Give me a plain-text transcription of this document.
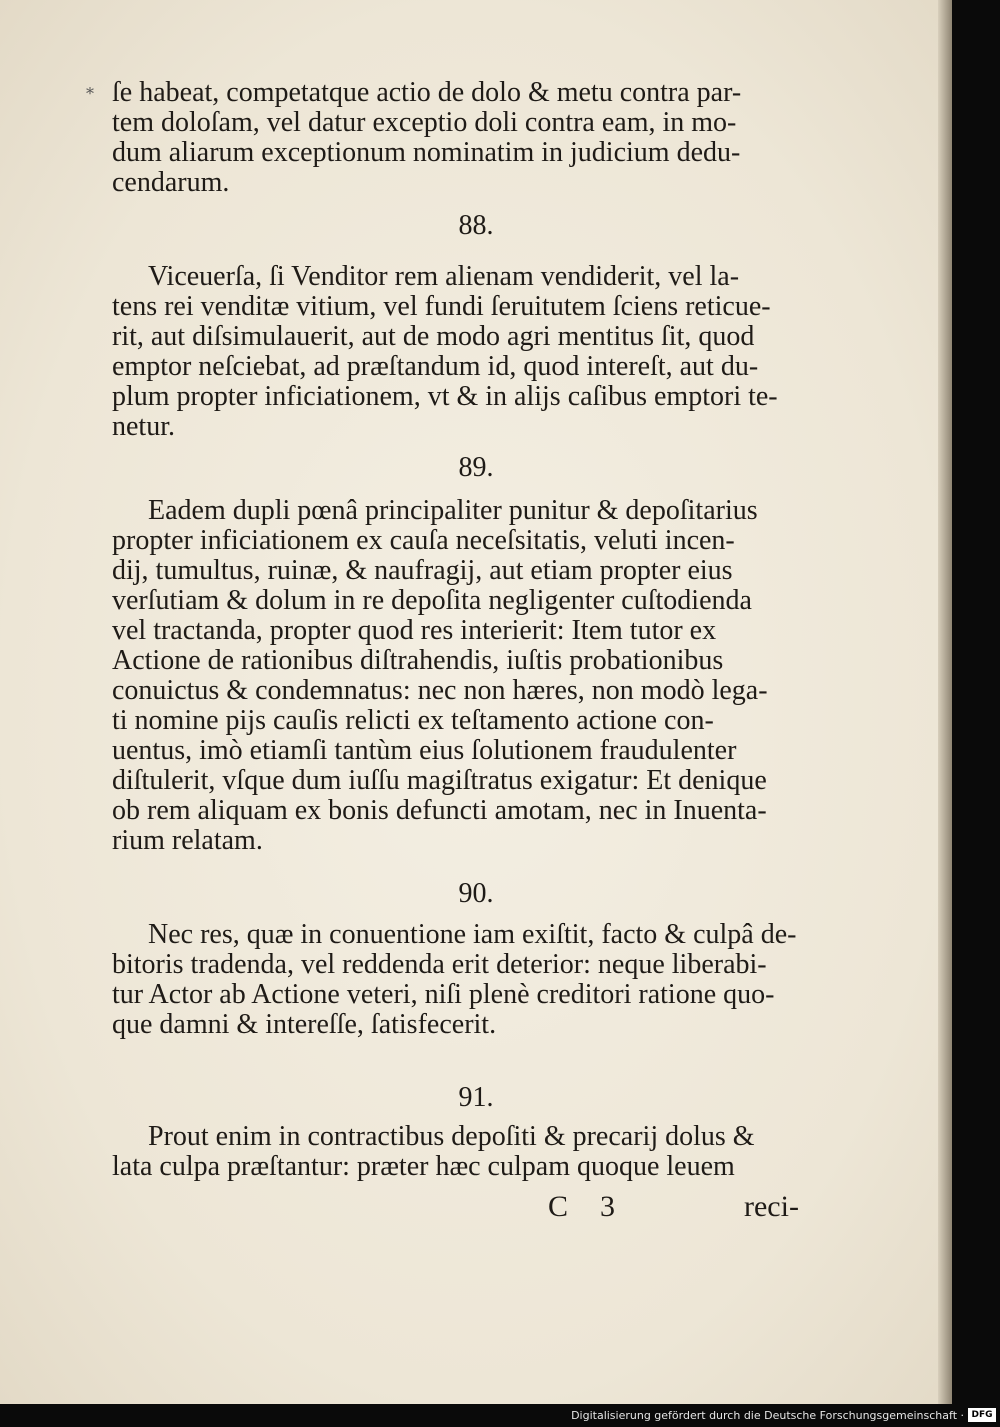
* ſe habeat, competatque actio de dolo & metu contra par-

tem doloſam, vel datur exceptio doli contra eam, in mo-

dum aliarum exceptionum nominatim in judicium dedu-

cendarum.

88.

Viceuerſa, ſi Venditor rem alienam vendiderit, vel la-

tens rei venditæ vitium, vel fundi ſeruitutem ſciens reticue-

rit, aut diſsimulauerit, aut de modo agri mentitus ſit, quod

emptor neſciebat, ad præſtandum id, quod intereſt, aut du-

plum propter inficiationem, vt & in alijs caſibus emptori te-

netur.

89.

Eadem dupli pœnâ principaliter punitur & depoſitarius

propter inficiationem ex cauſa neceſsitatis, veluti incen-

dij, tumultus, ruinæ, & naufragij, aut etiam propter eius

verſutiam & dolum in re depoſita negligenter cuſtodienda

vel tractanda, propter quod res interierit: Item tutor ex

Actione de rationibus diſtrahendis, iuſtis probationibus

conuictus & condemnatus: nec non hæres, non modò lega-

ti nomine pijs cauſis relicti ex teſtamento actione con-

uentus, imò etiamſi tantùm eius ſolutionem fraudulenter

diſtulerit, vſque dum iuſſu magiſtratus exigatur: Et denique

ob rem aliquam ex bonis defuncti amotam, nec in Inuenta-

rium relatam.

90.

Nec res, quæ in conuentione iam exiſtit, facto & culpâ de-

bitoris tradenda, vel reddenda erit deterior: neque liberabi-

tur Actor ab Actione veteri, niſi plenè creditori ratione quo-

que damni & intereſſe, ſatisfecerit.

91.

Prout enim in contractibus depoſiti & precarij dolus &

lata culpa præſtantur: præter hæc culpam quoque leuem

C 3	reci-
Digitalisierung gefördert durch die Deutsche Forschungsgemeinschaft · DFG
